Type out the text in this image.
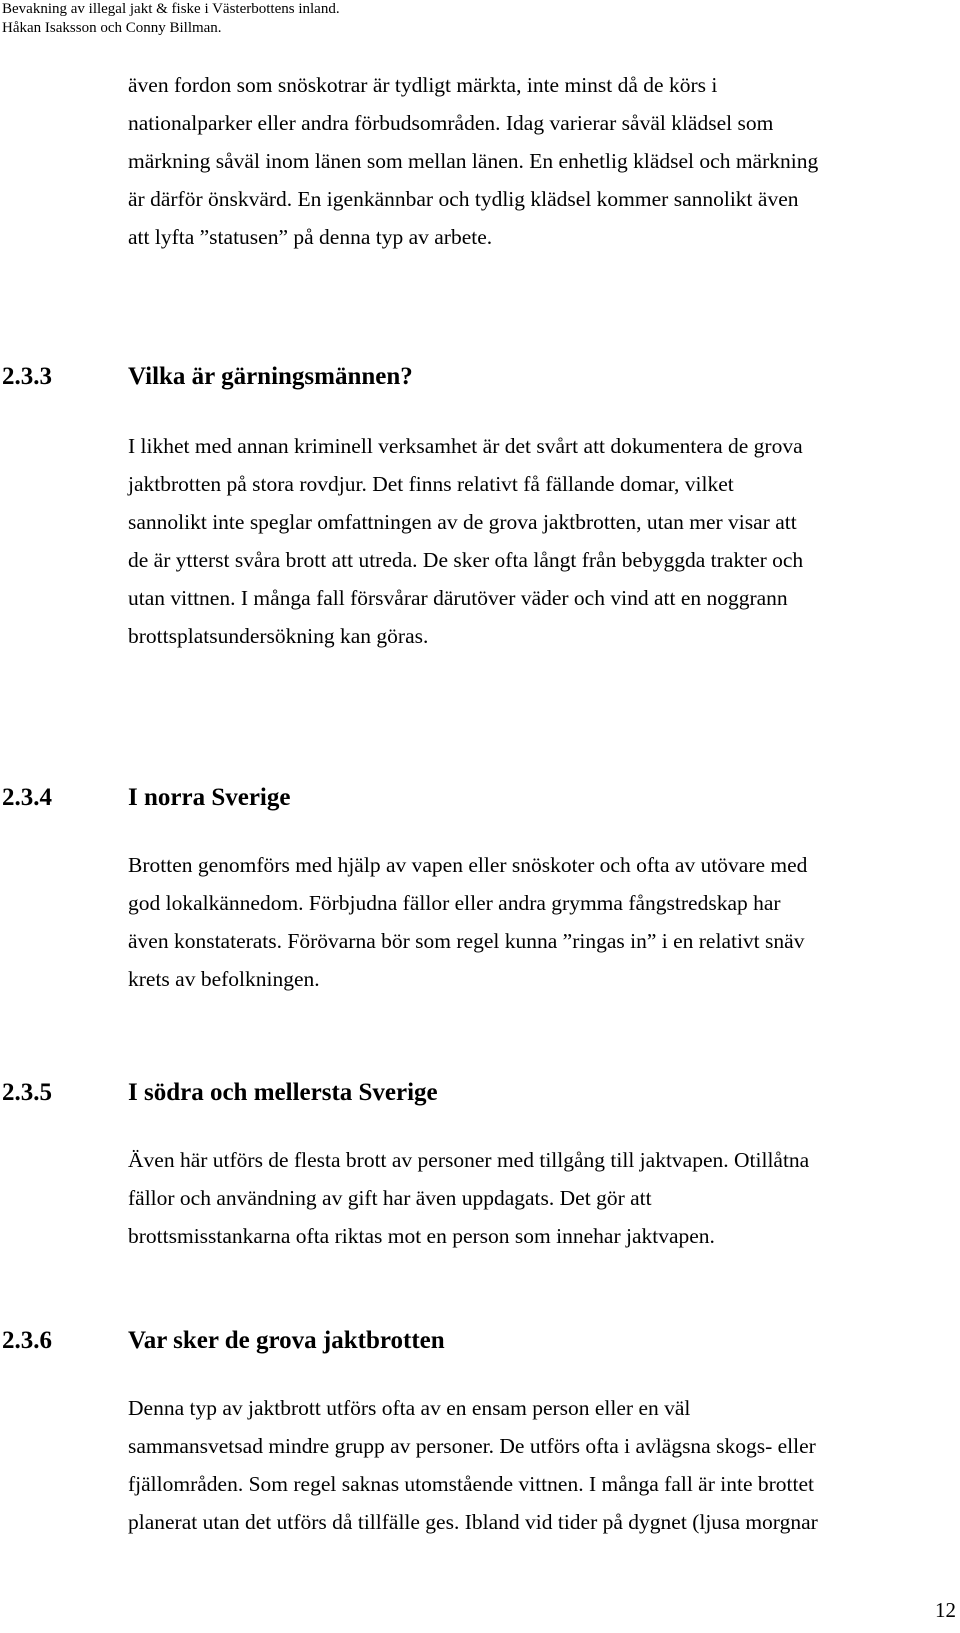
Bevakning av illegal jakt & fiske i Västerbottens inland.
Håkan Isaksson och Conny Billman.
även fordon som snöskotrar är tydligt märkta, inte minst då de körs i
nationalparker eller andra förbudsområden. Idag varierar såväl klädsel som
märkning såväl inom länen som mellan länen. En enhetlig klädsel och märkning
är därför önskvärd. En igenkännbar och tydlig klädsel kommer sannolikt även
att lyfta ”statusen” på denna typ av arbete.
2.3.3	Vilka är gärningsmännen?
I likhet med annan kriminell verksamhet är det svårt att dokumentera de grova
jaktbrotten på stora rovdjur. Det finns relativt få fällande domar, vilket
sannolikt inte speglar omfattningen av de grova jaktbrotten, utan mer visar att
de är ytterst svåra brott att utreda. De sker ofta långt från bebyggda trakter och
utan vittnen. I många fall försvårar därutöver väder och vind att en noggrann
brottsplatsundersökning kan göras.
2.3.4	I norra Sverige
Brotten genomförs med hjälp av vapen eller snöskoter och ofta av utövare med
god lokalkännedom. Förbjudna fällor eller andra grymma fångstredskap har
även konstaterats. Förövarna bör som regel kunna ”ringas in” i en relativt snäv
krets av befolkningen.
2.3.5	I södra och mellersta Sverige
Även här utförs de flesta brott av personer med tillgång till jaktvapen. Otillåtna
fällor och användning av gift har även uppdagats. Det gör att
brottsmisstankarna ofta riktas mot en person som innehar jaktvapen.
2.3.6	Var sker de grova jaktbrotten
Denna typ av jaktbrott utförs ofta av en ensam person eller en väl
sammansvetsad mindre grupp av personer. De utförs ofta i avlägsna skogs- eller
fjällområden. Som regel saknas utomstående vittnen. I många fall är inte brottet
planerat utan det utförs då tillfälle ges. Ibland vid tider på dygnet (ljusa morgnar
12
